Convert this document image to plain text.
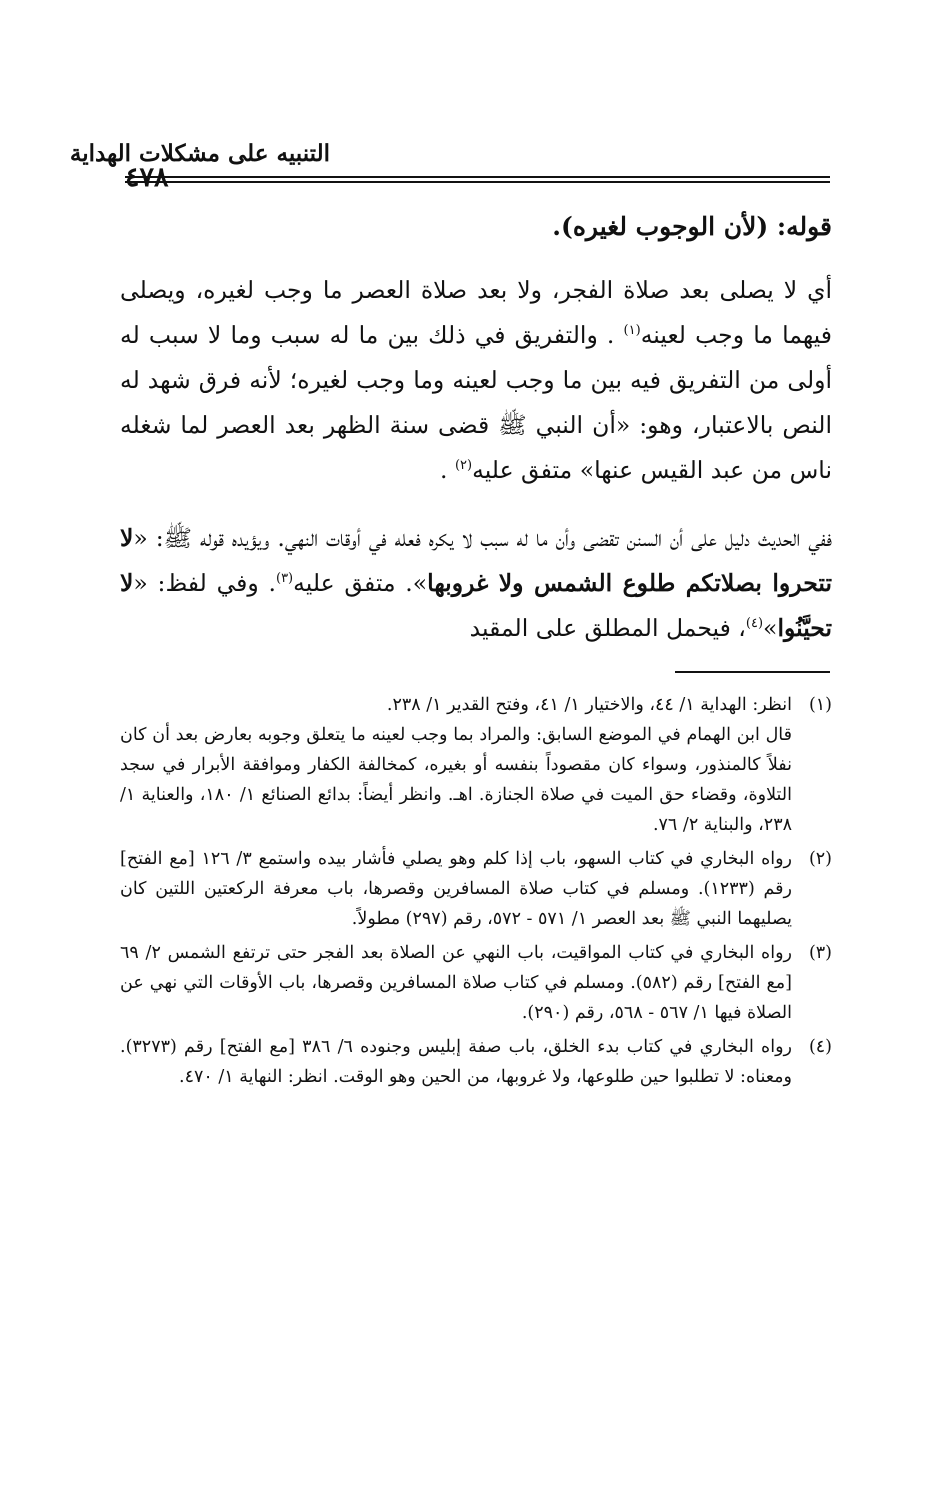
التنبيه على مشكلات الهداية
٤٧٨
قوله: (لأن الوجوب لغيره).

أي لا يصلى بعد صلاة الفجر، ولا بعد صلاة العصر ما وجب لغيره، ويصلى فيهما ما وجب لعينه$^{(١)}$ . والتفريق في ذلك بين ما له سبب وما لا سبب له أولى من التفريق فيه بين ما وجب لعينه وما وجب لغيره؛ لأنه فرق شهد له النص بالاعتبار، وهو: «أن النبي ﷺ قضى سنة الظهر بعد العصر لما شغله ناس من عبد القيس عنها» متفق عليه$^{(٢)}$ .

ففي الحديث دليل على أن السنن تقضى وأن ما له سبب لا يكره فعله في أوقات النهي. ويؤيده قوله ﷺ: «لا تتحروا بصلاتكم طلوع الشمس ولا غروبها». متفق عليه$^{(٣)}$. وفي لفظ: «لا تحيَّنُوا»$^{(٤)}$، فيحمل المطلق على المقيد

(١)

انظر: الهداية ١/ ٤٤، والاختيار ١/ ٤١، وفتح القدير ١/ ٢٣٨.

قال ابن الهمام في الموضع السابق: والمراد بما وجب لعينه ما يتعلق وجوبه بعارض بعد أن كان نفلاً كالمنذور، وسواء كان مقصوداً بنفسه أو بغيره، كمخالفة الكفار وموافقة الأبرار في سجد التلاوة، وقضاء حق الميت في صلاة الجنازة. اهـ. وانظر أيضاً: بدائع الصنائع ١/ ١٨٠، والعناية ١/ ٢٣٨، والبناية ٢/ ٧٦.

(٢)

رواه البخاري في كتاب السهو، باب إذا كلم وهو يصلي فأشار بيده واستمع ٣/ ١٢٦ [مع الفتح] رقم (١٢٣٣). ومسلم في كتاب صلاة المسافرين وقصرها، باب معرفة الركعتين اللتين كان يصليهما النبي ﷺ بعد العصر ١/ ٥٧١ - ٥٧٢، رقم (٢٩٧) مطولاً.

(٣)

رواه البخاري في كتاب المواقيت، باب النهي عن الصلاة بعد الفجر حتى ترتفع الشمس ٢/ ٦٩ [مع الفتح] رقم (٥٨٢). ومسلم في كتاب صلاة المسافرين وقصرها، باب الأوقات التي نهي عن الصلاة فيها ١/ ٥٦٧ - ٥٦٨، رقم (٢٩٠).

(٤)

رواه البخاري في كتاب بدء الخلق، باب صفة إبليس وجنوده ٦/ ٣٨٦ [مع الفتح] رقم (٣٢٧٣). ومعناه: لا تطلبوا حين طلوعها، ولا غروبها، من الحين وهو الوقت. انظر: النهاية ١/ ٤٧٠.
